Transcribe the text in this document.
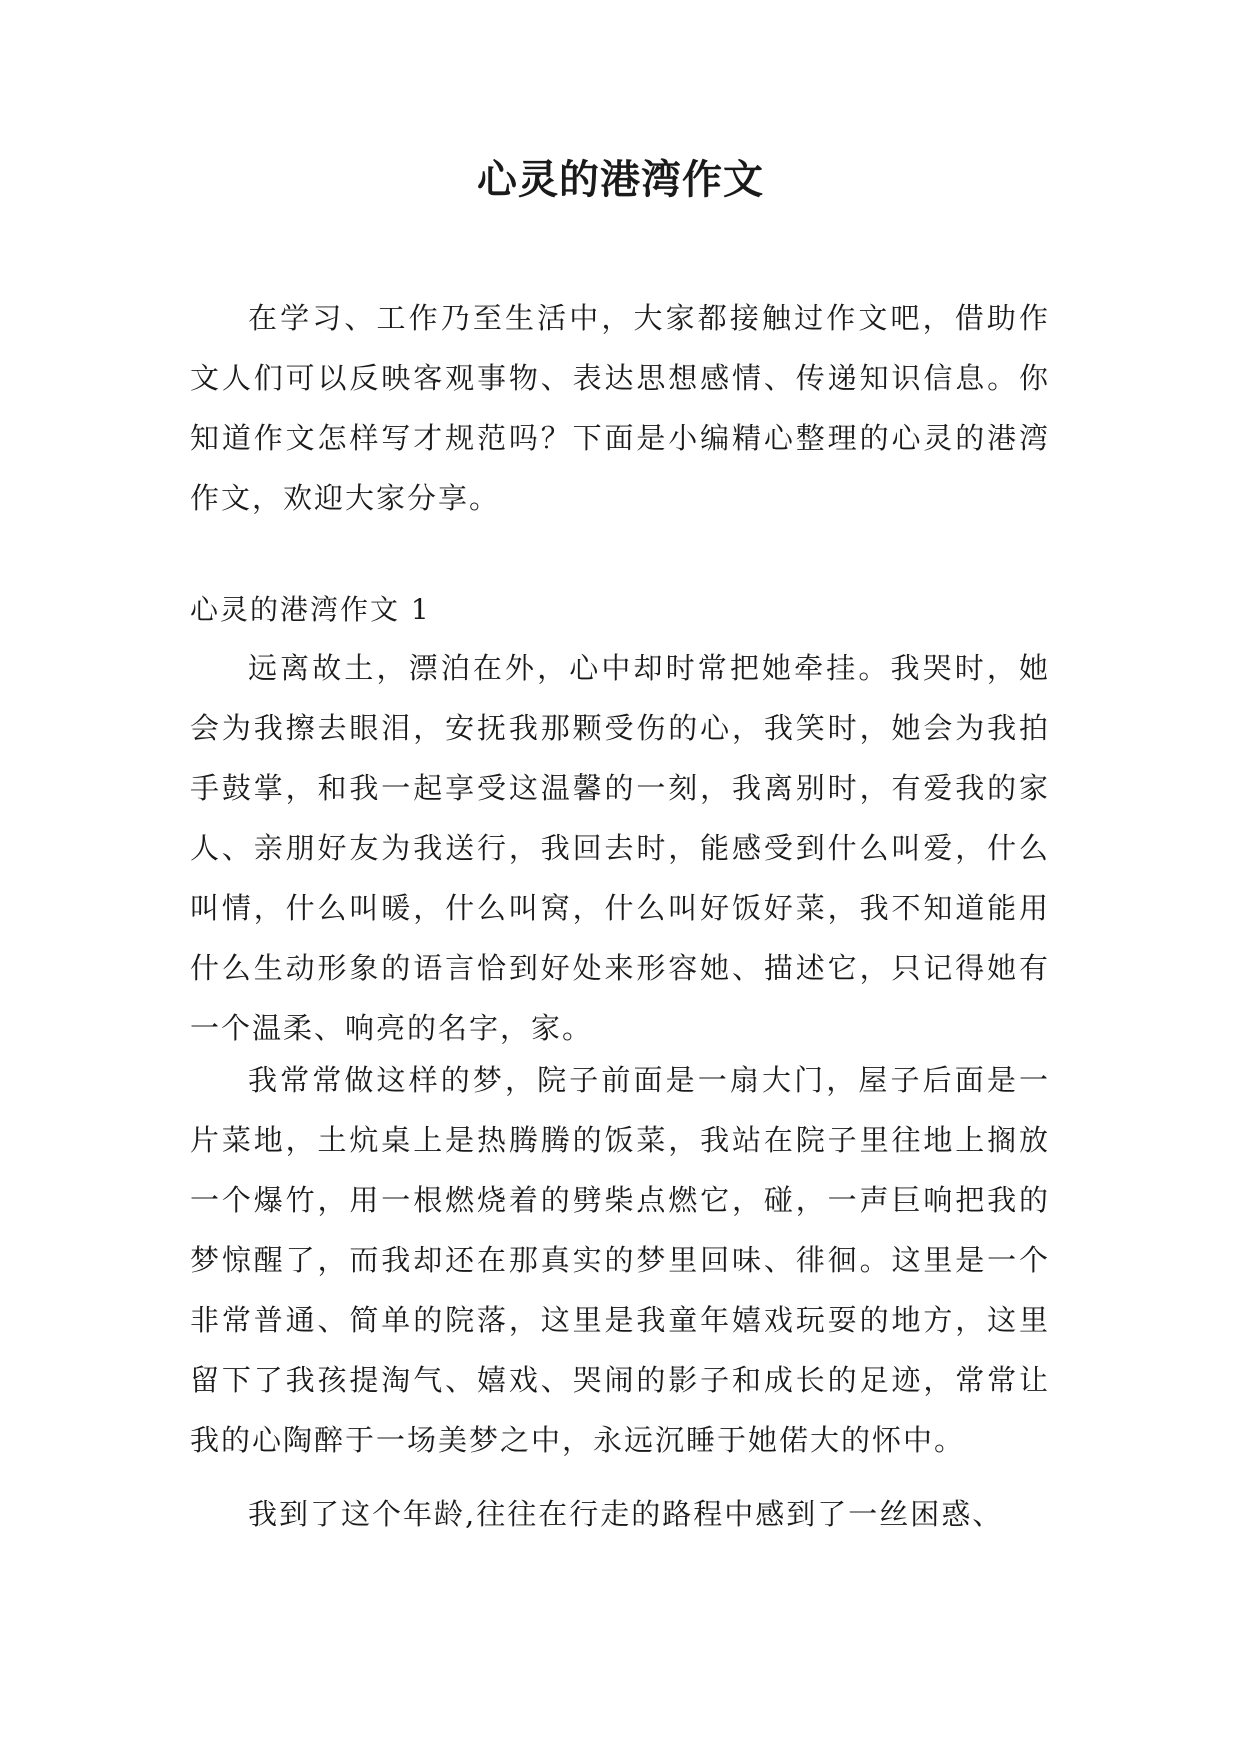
心灵的港湾作文

在学习、工作乃至生活中，大家都接触过作文吧，借助作文人们可以反映客观事物、表达思想感情、传递知识信息。你知道作文怎样写才规范吗？下面是小编精心整理的心灵的港湾作文，欢迎大家分享。

心灵的港湾作文 1

远离故土，漂泊在外，心中却时常把她牵挂。我哭时，她会为我擦去眼泪，安抚我那颗受伤的心，我笑时，她会为我拍手鼓掌，和我一起享受这温馨的一刻，我离别时，有爱我的家人、亲朋好友为我送行，我回去时，能感受到什么叫爱，什么叫情，什么叫暖，什么叫窝，什么叫好饭好菜，我不知道能用什么生动形象的语言恰到好处来形容她、描述它，只记得她有一个温柔、响亮的名字，家。

我常常做这样的梦，院子前面是一扇大门，屋子后面是一片菜地，土炕桌上是热腾腾的饭菜，我站在院子里往地上搁放一个爆竹，用一根燃烧着的劈柴点燃它，碰，一声巨响把我的梦惊醒了，而我却还在那真实的梦里回味、徘徊。这里是一个非常普通、简单的院落，这里是我童年嬉戏玩耍的地方，这里留下了我孩提淘气、嬉戏、哭闹的影子和成长的足迹，常常让我的心陶醉于一场美梦之中，永远沉睡于她偌大的怀中。

我到了这个年龄,往往在行走的路程中感到了一丝困惑、
